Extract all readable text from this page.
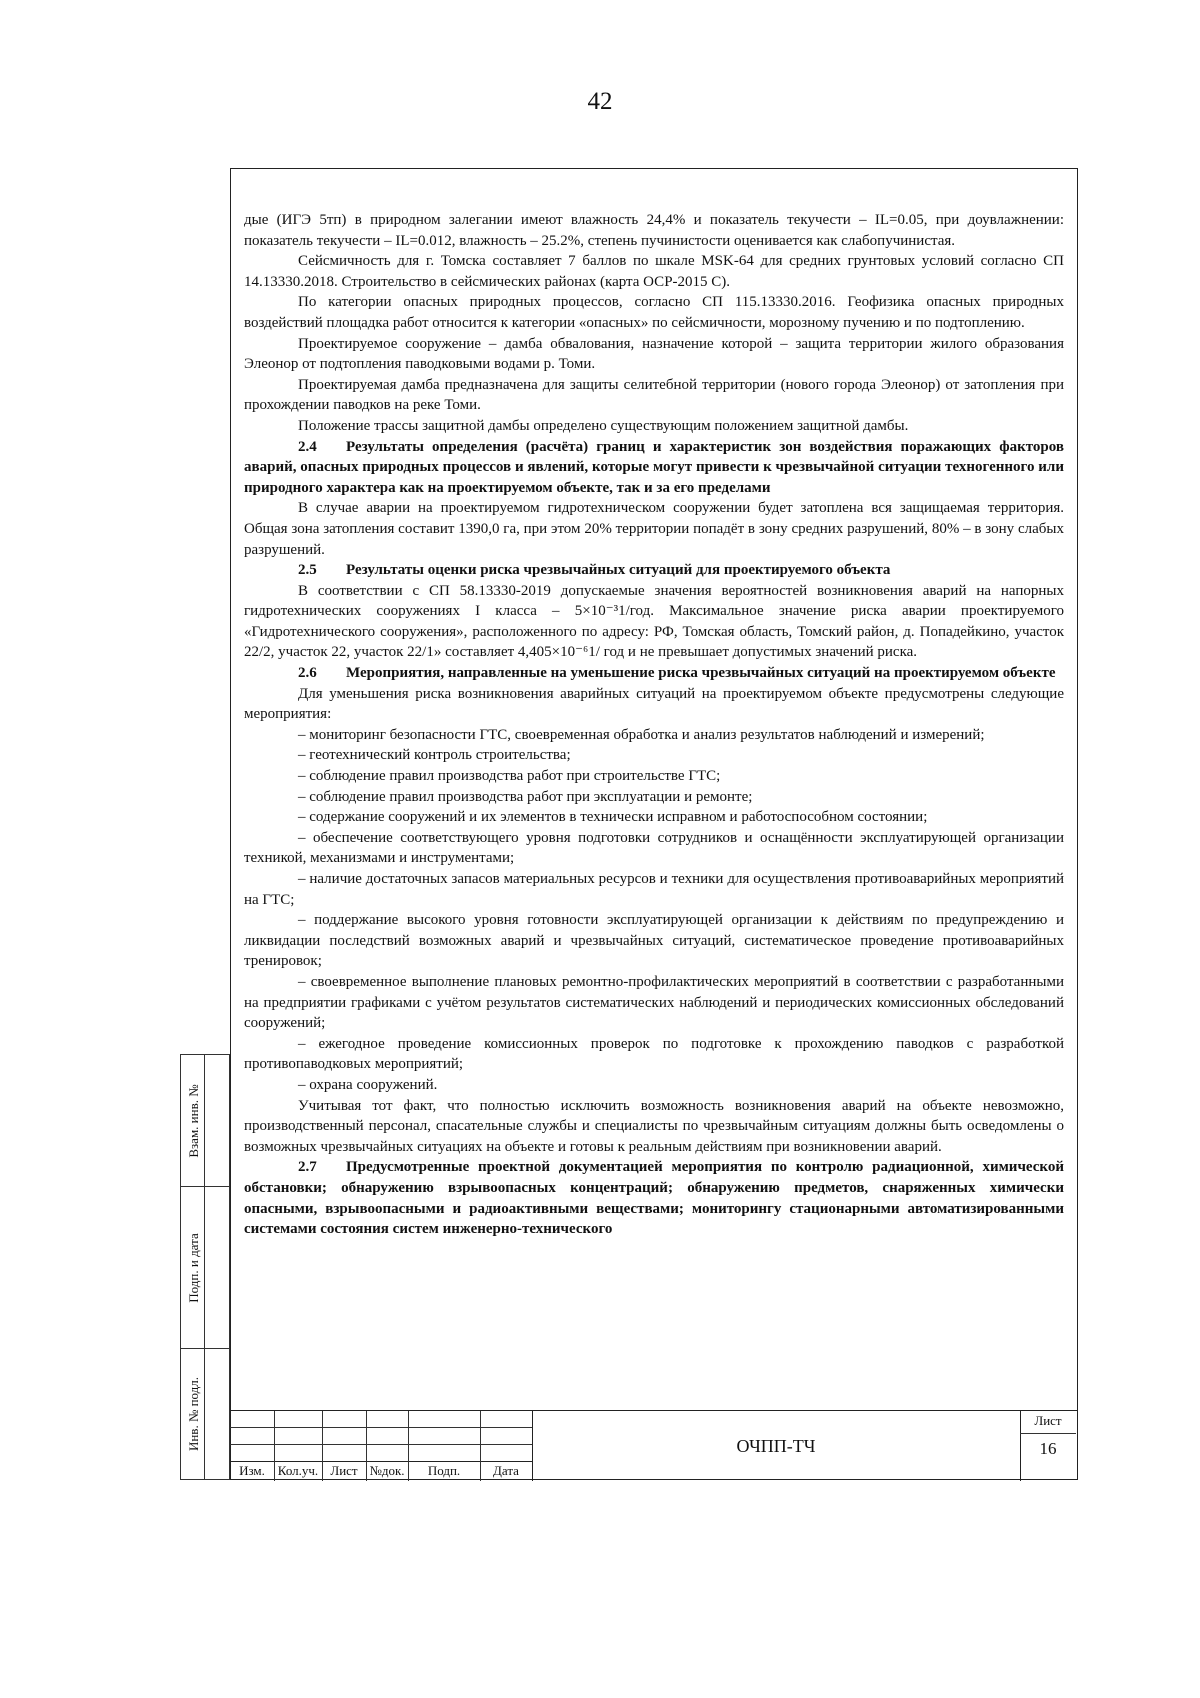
42

дые (ИГЭ 5тп) в природном залегании имеют влажность 24,4% и показатель текучести – IL=0.05, при доувлажнении: показатель текучести – IL=0.012, влажность – 25.2%, степень пучинистости оценивается как слабопучинистая.

Сейсмичность для г. Томска составляет 7 баллов по шкале MSK-64 для средних грунтовых условий согласно СП 14.13330.2018. Строительство в сейсмических районах (карта ОСР-2015 С).

По категории опасных природных процессов, согласно СП 115.13330.2016. Геофизика опасных природных воздействий площадка работ относится к категории «опасных» по сейсмичности, морозному пучению и по подтоплению.

Проектируемое сооружение – дамба обвалования, назначение которой – защита территории жилого образования Элеонор от подтопления паводковыми водами р. Томи.

Проектируемая дамба предназначена для защиты селитебной территории (нового города Элеонор) от затопления при прохождении паводков на реке Томи.

Положение трассы защитной дамбы определено существующим положением защитной дамбы.

2.4 Результаты определения (расчёта) границ и характеристик зон воздействия поражающих факторов аварий, опасных природных процессов и явлений, которые могут привести к чрезвычайной ситуации техногенного или природного характера как на проектируемом объекте, так и за его пределами

В случае аварии на проектируемом гидротехническом сооружении будет затоплена вся защищаемая территория. Общая зона затопления составит 1390,0 га, при этом 20% территории попадёт в зону средних разрушений, 80% – в зону слабых разрушений.

2.5 Результаты оценки риска чрезвычайных ситуаций для проектируемого объекта

В соответствии с СП 58.13330-2019 допускаемые значения вероятностей возникновения аварий на напорных гидротехнических сооружениях I класса – 5×10⁻³1/год. Максимальное значение риска аварии проектируемого «Гидротехнического сооружения», расположенного по адресу: РФ, Томская область, Томский район, д. Попадейкино, участок 22/2, участок 22, участок 22/1» составляет 4,405×10⁻⁶1/ год и не превышает допустимых значений риска.

2.6 Мероприятия, направленные на уменьшение риска чрезвычайных ситуаций на проектируемом объекте

Для уменьшения риска возникновения аварийных ситуаций на проектируемом объекте предусмотрены следующие мероприятия:

– мониторинг безопасности ГТС, своевременная обработка и анализ результатов наблюдений и измерений;

– геотехнический контроль строительства;

– соблюдение правил производства работ при строительстве ГТС;

– соблюдение правил производства работ при эксплуатации и ремонте;

– содержание сооружений и их элементов в технически исправном и работоспособном состоянии;

– обеспечение соответствующего уровня подготовки сотрудников и оснащённости эксплуатирующей организации техникой, механизмами и инструментами;

– наличие достаточных запасов материальных ресурсов и техники для осуществления противоаварийных мероприятий на ГТС;

– поддержание высокого уровня готовности эксплуатирующей организации к действиям по предупреждению и ликвидации последствий возможных аварий и чрезвычайных ситуаций, систематическое проведение противоаварийных тренировок;

– своевременное выполнение плановых ремонтно-профилактических мероприятий в соответствии с разработанными на предприятии графиками с учётом результатов систематических наблюдений и периодических комиссионных обследований сооружений;

– ежегодное проведение комиссионных проверок по подготовке к прохождению паводков с разработкой противопаводковых мероприятий;

– охрана сооружений.

Учитывая тот факт, что полностью исключить возможность возникновения аварий на объекте невозможно, производственный персонал, спасательные службы и специалисты по чрезвычайным ситуациям должны быть осведомлены о возможных чрезвычайных ситуациях на объекте и готовы к реальным действиям при возникновении аварий.

2.7 Предусмотренные проектной документацией мероприятия по контролю радиационной, химической обстановки; обнаружению взрывоопасных концентраций; обнаружению предметов, снаряженных химически опасными, взрывоопасными и радиоактивными веществами; мониторингу стационарными автоматизированными системами состояния систем инженерно-технического

Взам. инв. №
Подп. и дата
Инв. № подл.
Изм. Кол.уч. Лист №док.	Подп.	Дата
ОЧПП-ТЧ
Лист
16
